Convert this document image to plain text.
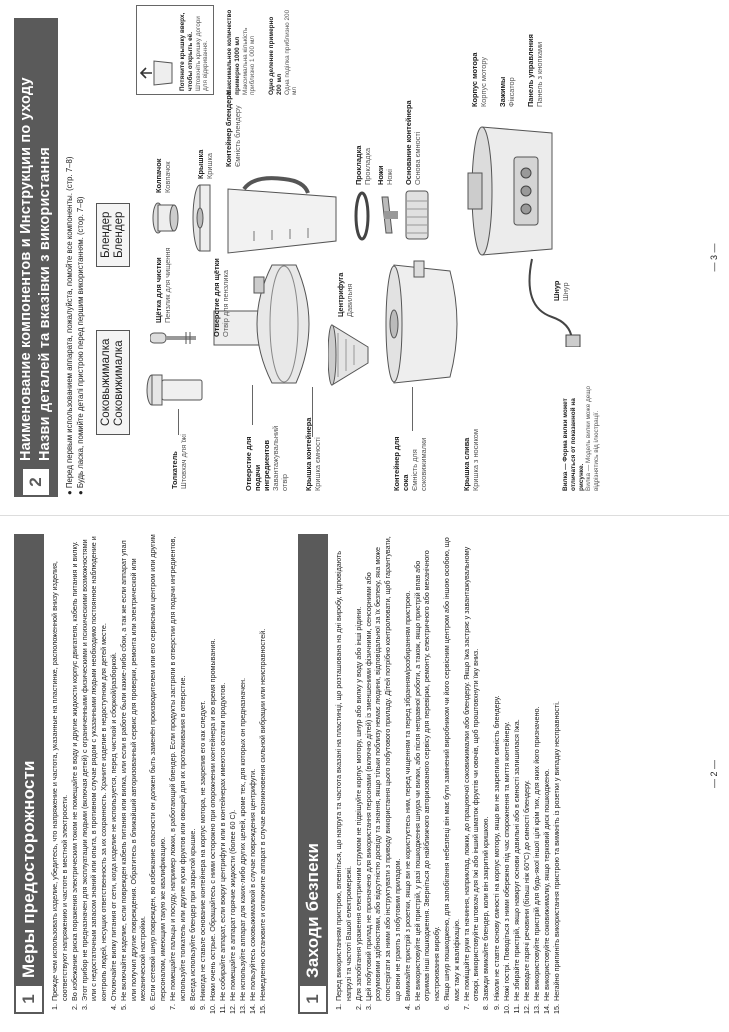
1
Меры предосторожности
1.
Прежде чем использовать изделие, убедитесь, что напряжение и частота, указанные на пластинке, расположенной внизу изделия, соответствуют напряжению и частоте в местной электросети.
2.
Во избежание риска поражения электрическим током не помещайте в воду и другие жидкости корпус двигателя, кабель питания и вилку.
3.
Этот прибор не предназначен для эксплуатации людьми (включая детей) с ограниченными физическими и психическими возможностями или с недостаточным запасом знаний или опыта, в противном случае рядом с указанными людьми необходимо постоянное наблюдение и контроль людей, несущих ответственность за их сохранность. Храните изделие в недоступном для детей месте.
4.
Отключайте вилку питания от сети, когда изделие не используется, перед чисткой и сборкой/разборкой.
5.
Не включайте изделие, если поврежден кабель питания или вилка, или если в работе были какие-либо сбои, а так же если аппарат упал или получил другие повреждения. Обратитесь в ближайший авторизованный сервис для проверки, ремонта или электрической или механической настройки.
6.
Если сетевой шнур поврежден, во избежание опасности он должен быть заменён производителем или его сервисным центром или другим персоналом, имеющим такую же квалификацию.
7.
Не помещайте пальцы и посуду, например ложки, в работающий блендер. Если продукты застряли в отверстии для подачи ингредиентов, используйте толкатель или другие куски фруктов или овощей для их проталкивания в отверстие.
8.
Всегда используйте блендер при закрытой крышке.
9.
Никогда не ставьте основание контейнера на корпус мотора, не закрепив его как следует.
10.
Ножи очень острые. Обращайтесь с ними осторожно при опорожнении контейнера и во время промывания.
11.
Не собирайте аппарат, если вокруг центрифуги или в контейнерах имеются остатки продуктов.
12.
Не помещайте в аппарат горячие жидкости (более 60 С).
13.
Не используйте аппарат для каких-либо других целей, кроме тех, для которых он предназначен.
14.
Не пользуйтесь соковыжималкой в случае повреждения центрифуги.
15.
Немедленно остановите и отключите аппарат в случае возникновения сильной вибрации или неисправностей. 1
Заходи безпеки
1.
Перед використанням пристрою, впевніться, що напруга та частота вказані на пластинці, що розташована на дні виробу, відповідають напрузі та частоті Вашої електромережі.
2.
Для запобігання ураження електричним струмом не підвішуйте корпус мотору, шнур або вилку у воду або інші рідини.
3.
Цей побутовий прилад не призначено для використання персонами (включно дітей) із зменшеними фізичними, сенсорними або розумовими здібностями, або відсутністю досвіду та знання, якщо тільки поблизу немає людини, відповідальної за їх безпеку, яка може спостерігати за ними або інструктувати з приводу використання цього побутового приладу. Дітей потрібно контролювати, щоб гарантувати, що вони не грають з побутовим приладом.
4.
Вимикайте пристрій з розетки, якщо ви не користуєтесь ним, перед чищенням та перед зібранням/розбиранням пристрою.
5.
Не використовуйте цей пристрій, у разі пошкодження шнура чи вилки, або після неправної роботи, а також, якщо пристрій впав або отримав інші пошкодження. Зверніться до найближчого авторизованого сервісу для перевірки, ремонту, електричного або механічного настроювання виробу.
6.
Якщо шнур пошкоджено, для запобігання небезпеці він має бути замінений виробником чи його сервісним центром або іншою особою, що має таку ж кваліфікацію.
7.
Не поміщайте руки та начиння, наприклад, ложки, до працюючої соковижималки або блендеру. Якщо їжа застряє у завантажувальному отворі, використовуйте штовхач для їжі або інший шматок фруктів чи овочів, щоб проштовхнути їжу вниз.
8.
Завжди вмикайте блендер, коли він закритий кришкою.
9.
Ніколи не ставте основу ємності на корпус мотору, якщо ви не закрепили ємність блендеру.
10.
Ножі гострі. Поводіться з ними обережно під час спорожнення та миття контейнеру.
11.
Не збирайте пристрій, якщо навкруг основи давильні або в ємності залишилася їжа.
12.
Не вводьте гарячі речовини (більш ніж 60°C) до ємності блендеру.
13.
Не використовуйте пристрій для будь-якої іншої цілі крім тих, для яких його призначено.
14.
Не використовуйте соковижималку, якщо терковий диск пошкоджено.
15.
Негайно припиніть використання пристрою та вимкніть із розетки у випадку несправності.	— 2 —
2
Наименование компонентов и Инструкции по уходу Назви деталей та вказівки з використання ● Перед первым использованием аппарата, пожалуйста, помойте все компоненты. (стр. 7–8) ● Будь ласка, помийте деталі пристрою перед першим використанням. (стор. 7–8) Соковыжималка Соковижималка
Блендер Блендер
Толкатель Штовхач для їжі
Щётка для чистки Пензлик для чищення
Отверстие для подачи ингредиентов Завантажувальний отвір
Отверстие для щётки Отвір для пензлика
Крышка контейнера Кришка ємності
Центрифуга Давильня
Контейнер для сока Ємність для соковижималки	Крышка слива Кришка з носиком
Колпачок Ковпачок	Крышка Кришка Контейнер блендера Ємність блендеру	Прокладка Прокладка Ножи Ножі Основание контейнера Основа ємності
Максимальное количество примерно 1000 мл Максимальна кількість приблизно 1 000 мл Одно деление примерно 200 мл Одна поділка приблизно 200 мл
Потяните крышку вверх, чтобы открыть её. Штовхніть кришку догори для відкривання.	Корпус мотора Корпус мотору Зажимы Фіксатор Панель управления Панель з кнопками
Шнур Шнур
Вилка — Форма вилки может отличаться от показанной на рисунке. Вилка — Модель вилки може дещо відрізнятись від ілюстрації.
— 3 —
